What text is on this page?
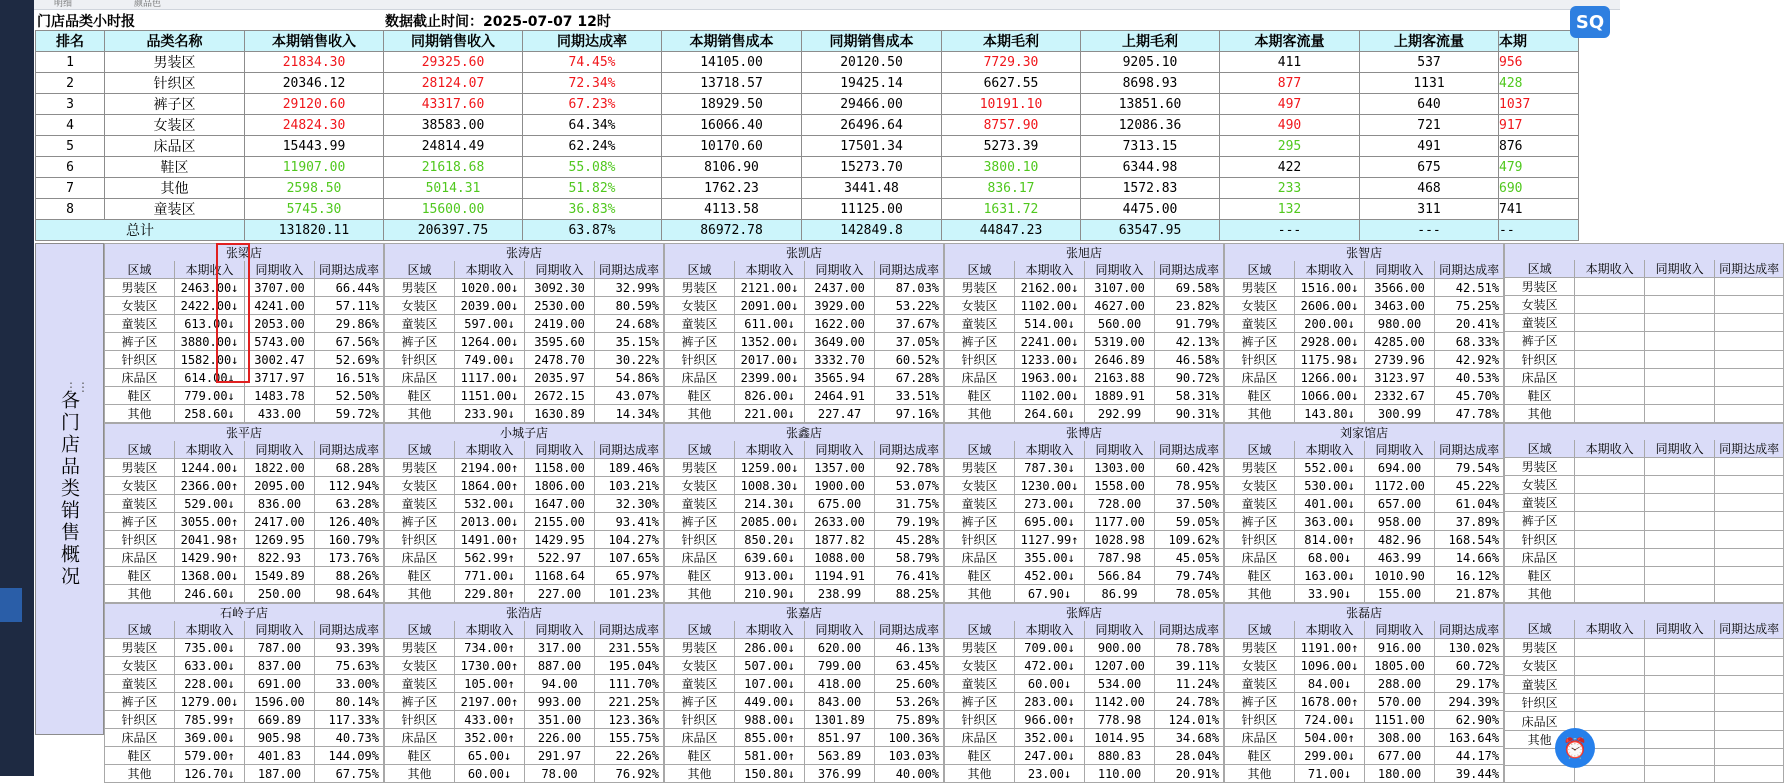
明细	颜品色
门店品类小时报	数据截止时间：2025-07-07 12时	SQ
排名	品类名称	本期销售收入	同期销售收入	同期达成率	本期销售成本	同期销售成本	本期毛利	上期毛利	本期客流量	上期客流量	本期
1	男装区	21834.30	29325.60	74.45%	14105.00	20120.50	7729.30	9205.10	411	537	956
2	针织区	20346.12	28124.07	72.34%	13718.57	19425.14	6627.55	8698.93	877	1131	428
3	裤子区	29120.60	43317.60	67.23%	18929.50	29466.00	10191.10	13851.60	497	640	1037
4	女装区	24824.30	38583.00	64.34%	16066.40	26496.64	8757.90	12086.36	490	721	917
5	床品区	15443.99	24814.49	62.24%	10170.60	17501.34	5273.39	7313.15	295	491	876
6	鞋区	11907.00	21618.68	55.08%	8106.90	15273.70	3800.10	6344.98	422	675	479
7	其他	2598.50	5014.31	51.82%	1762.23	3441.48	836.17	1572.83	233	468	690
8	童装区	5745.30	15600.00	36.83%	4113.58	11125.00	1631.72	4475.00	132	311	741
总计		131820.11	206397.75	63.87%	86972.78	142849.8	44847.23	63547.95	---	---	--
各门店品类销售概况
张梁店			
区域	本期收入	同期收入	同期达成率
男装区	2463.00↓	3707.00	66.44%
女装区	2422.00↓	4241.00	57.11%
童装区	613.00↓	2053.00	29.86%
裤子区	3880.00↓	5743.00	67.56%
针织区	1582.00↓	3002.47	52.69%
床品区	614.00↓	3717.97	16.51%
鞋区	779.00↓	1483.78	52.50%
其他	258.60↓	433.00	59.72%
张涛店			
区域	本期收入	同期收入	同期达成率
男装区	1020.00↓	3092.30	32.99%
女装区	2039.00↓	2530.00	80.59%
童装区	597.00↓	2419.00	24.68%
裤子区	1264.00↓	3595.60	35.15%
针织区	749.00↓	2478.70	30.22%
床品区	1117.00↓	2035.97	54.86%
鞋区	1151.00↓	2672.15	43.07%
其他	233.90↓	1630.89	14.34%
张凯店			
区域	本期收入	同期收入	同期达成率
男装区	2121.00↓	2437.00	87.03%
女装区	2091.00↓	3929.00	53.22%
童装区	611.00↓	1622.00	37.67%
裤子区	1352.00↓	3649.00	37.05%
针织区	2017.00↓	3332.70	60.52%
床品区	2399.00↓	3565.94	67.28%
鞋区	826.00↓	2464.91	33.51%
其他	221.00↓	227.47	97.16%
张旭店			
区域	本期收入	同期收入	同期达成率
男装区	2162.00↓	3107.00	69.58%
女装区	1102.00↓	4627.00	23.82%
童装区	514.00↓	560.00	91.79%
裤子区	2241.00↓	5319.00	42.13%
针织区	1233.00↓	2646.89	46.58%
床品区	1963.00↓	2163.88	90.72%
鞋区	1102.00↓	1889.91	58.31%
其他	264.60↓	292.99	90.31%
张智店			
区域	本期收入	同期收入	同期达成率
男装区	1516.00↓	3566.00	42.51%
女装区	2606.00↓	3463.00	75.25%
童装区	200.00↓	980.00	20.41%
裤子区	2928.00↓	4285.00	68.33%
针织区	1175.98↓	2739.96	42.92%
床品区	1266.00↓	3123.97	40.53%
鞋区	1066.00↓	2332.67	45.70%
其他	143.80↓	300.99	47.78%

区域	本期收入	同期收入	同期达成率
男装区			
女装区			
童装区			
裤子区			
针织区			
床品区			
鞋区			
其他			
张平店			
区域	本期收入	同期收入	同期达成率
男装区	1244.00↓	1822.00	68.28%
女装区	2366.00↑	2095.00	112.94%
童装区	529.00↓	836.00	63.28%
裤子区	3055.00↑	2417.00	126.40%
针织区	2041.98↑	1269.95	160.79%
床品区	1429.90↑	822.93	173.76%
鞋区	1368.00↓	1549.89	88.26%
其他	246.60↓	250.00	98.64%
小城子店			
区域	本期收入	同期收入	同期达成率
男装区	2194.00↑	1158.00	189.46%
女装区	1864.00↑	1806.00	103.21%
童装区	532.00↓	1647.00	32.30%
裤子区	2013.00↓	2155.00	93.41%
针织区	1491.00↑	1429.95	104.27%
床品区	562.99↑	522.97	107.65%
鞋区	771.00↓	1168.64	65.97%
其他	229.80↑	227.00	101.23%
张鑫店			
区域	本期收入	同期收入	同期达成率
男装区	1259.00↓	1357.00	92.78%
女装区	1008.30↓	1900.00	53.07%
童装区	214.30↓	675.00	31.75%
裤子区	2085.00↓	2633.00	79.19%
针织区	850.20↓	1877.82	45.28%
床品区	639.60↓	1088.00	58.79%
鞋区	913.00↓	1194.91	76.41%
其他	210.90↓	238.99	88.25%
张博店			
区域	本期收入	同期收入	同期达成率
男装区	787.30↓	1303.00	60.42%
女装区	1230.00↓	1558.00	78.95%
童装区	273.00↓	728.00	37.50%
裤子区	695.00↓	1177.00	59.05%
针织区	1127.99↑	1028.98	109.62%
床品区	355.00↓	787.98	45.05%
鞋区	452.00↓	566.84	79.74%
其他	67.90↓	86.99	78.05%
刘家馆店			
区域	本期收入	同期收入	同期达成率
男装区	552.00↓	694.00	79.54%
女装区	530.00↓	1172.00	45.22%
童装区	401.00↓	657.00	61.04%
裤子区	363.00↓	958.00	37.89%
针织区	814.00↑	482.96	168.54%
床品区	68.00↓	463.99	14.66%
鞋区	163.00↓	1010.90	16.12%
其他	33.90↓	155.00	21.87%

区域	本期收入	同期收入	同期达成率
男装区			
女装区			
童装区			
裤子区			
针织区			
床品区			
鞋区			
其他			
石岭子店			
区域	本期收入	同期收入	同期达成率
男装区	735.00↓	787.00	93.39%
女装区	633.00↓	837.00	75.63%
童装区	228.00↓	691.00	33.00%
裤子区	1279.00↓	1596.00	80.14%
针织区	785.99↑	669.89	117.33%
床品区	369.00↓	905.98	40.73%
鞋区	579.00↑	401.83	144.09%
其他	126.70↓	187.00	67.75%
张浩店			
区域	本期收入	同期收入	同期达成率
男装区	734.00↑	317.00	231.55%
女装区	1730.00↑	887.00	195.04%
童装区	105.00↑	94.00	111.70%
裤子区	2197.00↑	993.00	221.25%
针织区	433.00↑	351.00	123.36%
床品区	352.00↑	226.00	155.75%
鞋区	65.00↓	291.97	22.26%
其他	60.00↓	78.00	76.92%
张嘉店			
区域	本期收入	同期收入	同期达成率
男装区	286.00↓	620.00	46.13%
女装区	507.00↓	799.00	63.45%
童装区	107.00↓	418.00	25.60%
裤子区	449.00↓	843.00	53.26%
针织区	988.00↓	1301.89	75.89%
床品区	855.00↑	851.97	100.36%
鞋区	581.00↑	563.89	103.03%
其他	150.80↓	376.99	40.00%
张辉店			
区域	本期收入	同期收入	同期达成率
男装区	709.00↓	900.00	78.78%
女装区	472.00↓	1207.00	39.11%
童装区	60.00↓	534.00	11.24%
裤子区	283.00↓	1142.00	24.78%
针织区	966.00↑	778.98	124.01%
床品区	352.00↓	1014.95	34.68%
鞋区	247.00↓	880.83	28.04%
其他	23.00↓	110.00	20.91%
张磊店			
区域	本期收入	同期收入	同期达成率
男装区	1191.00↑	916.00	130.02%
女装区	1096.00↓	1805.00	60.72%
童装区	84.00↓	288.00	29.17%
裤子区	1678.00↑	570.00	294.39%
针织区	724.00↓	1151.00	62.90%
床品区	504.00↑	308.00	163.64%
鞋区	299.00↓	677.00	44.17%
其他	71.00↓	180.00	39.44%

区域	本期收入	同期收入	同期达成率
男装区			
女装区			
童装区			
针织区			
床品区			
其他			

⋮⋮
⏰
